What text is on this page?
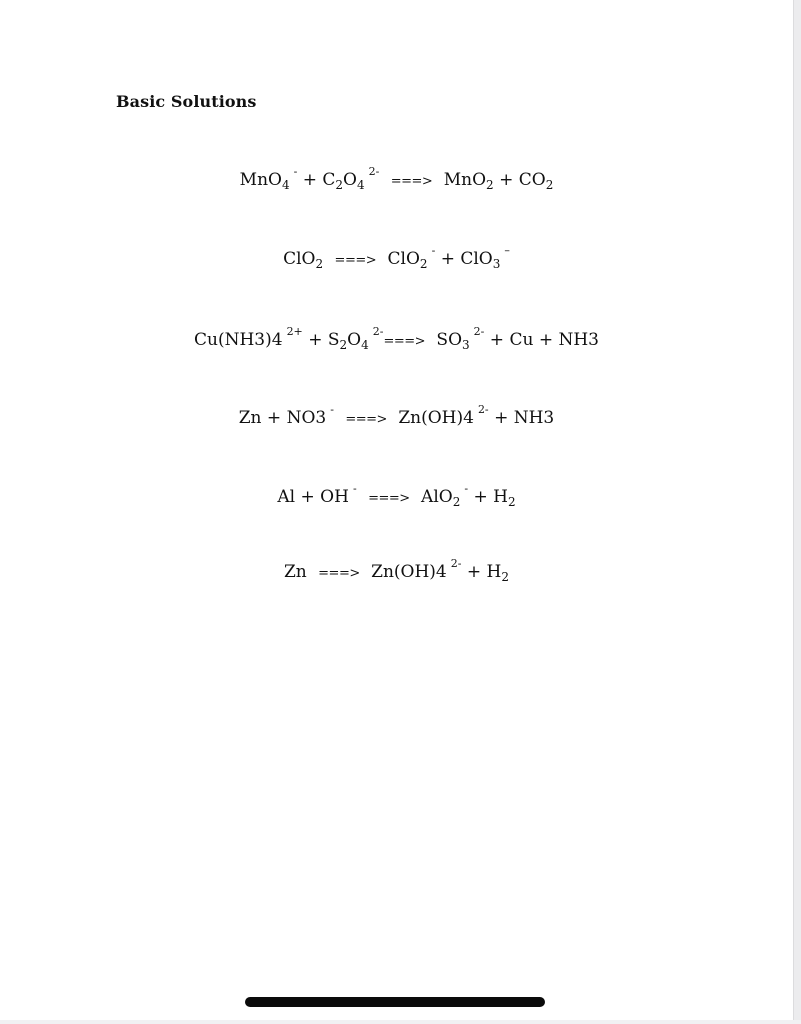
Basic Solutions
$MnO_4^- + C_2O_4^{2-}$ ===> $MnO_2 + CO_2$
ClO$_2$ ===> ClO$_2$- + ClO$_3$–
Cu(NH3)4 $^{2+} + S_2O_4^{2-}===> SO_3^{2-} + Cu + NH3$
Zn + NO3 - ===> Zn(OH)4 $^{2-}$ + NH3
Al + OH - ===> $AlO_2^- + H_2$
Zn ===> Zn(OH)4 $^{2-} + H_2$
